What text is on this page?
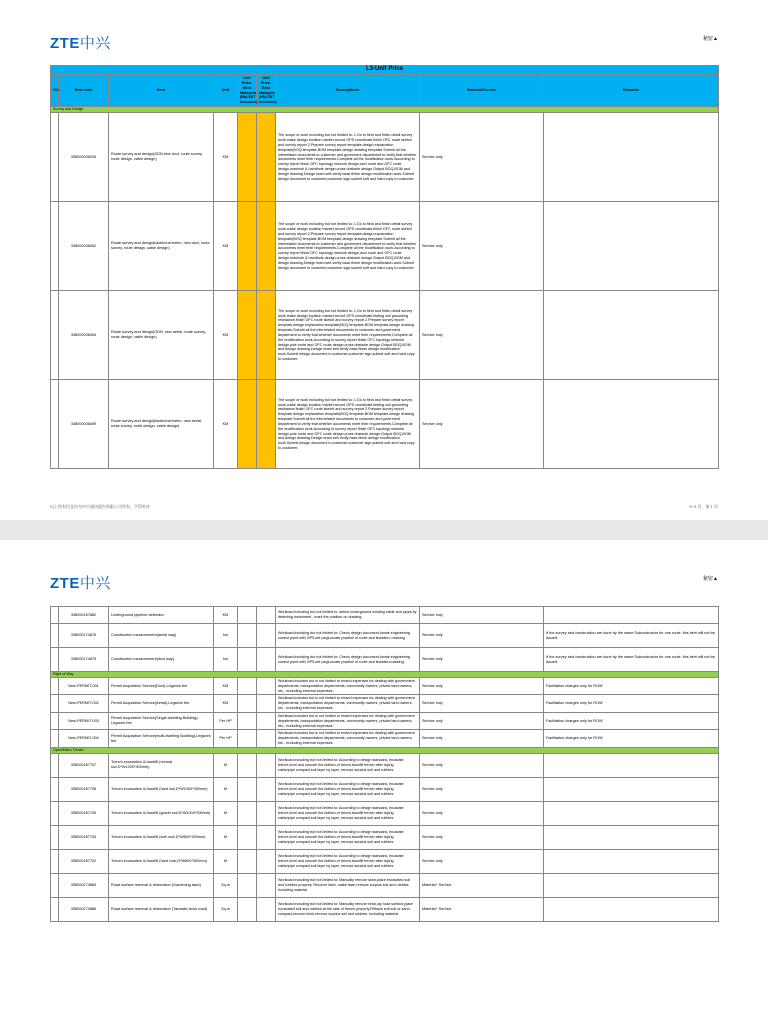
ZTE中兴	秘密▲
L3-Unit Price								
NO.	New code	Item	Unit	Unit Price-West Malaysia (RM,SST inclusive)	Unit Price-East Malaysia (RM,SST inclusive)	Descriptions	Material/Service	Remarks
Survey and Design								
	338000036026	Route survey and design(ODN,new duct, route survey, route design, cable design)	KM			The scope of work including but not limited to: 1.Go to field and finish detail survey work,make design location marker,record GPS coordinate,finish OFC route sketch and survey report 2.Prepare survey report template,design explanation template(BOQ template,BOM template,design drawing template.Submit all the interrelated documents to customer and goverment department to verify that whether documents meet their requirements,Complete all the modification work.According to survey report finish OFC topology network design,duct route and OFC route design,manhole & handhole design,cross obstacle design.Output BOQ,BOM and design drawing.Design team self-verify base,finish design modification work.Submit design document to customer,customer sign,submit soft and hard copy to customer.	Service only	
	338000036062	Route survey and design(backbone/metro, new duct, route survey, route design, cable design)	KM			The scope of work including but not limited to: 1.Go to field and finish detail survey work,make design location marker,record GPS coordinate,finish OFC route sketch and survey report 2.Prepare survey report template,design explanation template(BOQ template,BOM template,design drawing template.Submit all the interrelated documents to customer and goverment department to verify that whether documents meet their requirements,Complete all the modification work.According to survey report finish OFC topology network design,duct route and OFC route design,manhole & handhole design,cross obstacle design.Output BOQ,BOM and design drawing.Design team self-verify base,finish design modification work.Submit design document to customer,customer sign,submit soft and hard copy to customer.	Service only	
	338000036054	Route survey and design(ODN, new aerial, route survey, route design, cable design)	KM			The scope of work including but not limited to: 1.Go to field and finish detail survey work,make design location marker,record GPS coordinate,testing soil grounding resistance,finish OFC route sketch and survey report 2.Prepare survey report template,design explanation template(BOQ template,BOM template,design drawing template.Submit all the interrelated documents to customer and goverment department to verify that whether documents meet their requirements,Complete all the modification work.According to survey report finish OFC topology network design,pole route and OFC route design,cross obstacle design.Output BOQ,BOM and design drawing.Design team self-verify base,finish design modification work.Submit design document to customer,customer sign,submit soft and hard copy to customer.	Service only	
	338000036089	Route survey and design(backbone/metro, new aerial, route survey, route design, cable design)	KM			The scope of work including but not limited to: 1.Go to field and finish detail survey work,make design location marker,record GPS coordinate,testing soil grounding resistance,finish OFC route sketch and survey report 2.Prepare survey report template,design explanation template(BOQ template,BOM template,design drawing template.Submit all the interrelated documents to customer and goverment department to verify that whether documents meet their requirements,Complete all the modification work.According to survey report finish OFC topology network design,pole route and OFC route design,cross obstacle design.Output BOQ,BOM and design drawing.Design team self-verify base,finish design modification work.Submit design document to customer,customer sign,submit soft and hard copy to customer.	Service only	
以上所有信息均为中兴通讯股份有限公司所有，不得外传	H H 页，第 1 页
ZTE中兴	秘密▲
	338000187882	Underground pipeline detection	KM			Workload including but not limited to: detect underground existing cable and pipes by detecting instrument , mark the position on drawing	Service only	
	338000174876	Construction measurement(aerial way)	km			Workload including but not limited to: Check design document,locate engineering control point with GPS,set pegs,locate position of route and lineation, marking.	Service only	If the survey and construction are done by the same Subcontractor for one route, this item will not be issued.
	338000174879	Construction measurement(duct way)	km			Workload including but not limited to: Check design document,locate engineering control point with GPS,set pegs,locate position of route and lineation,marking.	Service only	If the survey and construction are done by the same Subcontractor for one route, this item will not be issued.
Right of Way								
	New-PERMIT-001	Permit Acquisition Service(Duct)-Legwork fee	KM			Workload includes but is not limited to errand expenses for dealing with government departments, transportation departments, community owners, private land owners, etc., excluding external expenses.	Service only	Facilitation charges only for ROW
	New-PERMIT-002	Permit Acquisition Service(Aerial)-Legwork fee	KM			Workload includes but is not limited to errand expenses for dealing with government departments, transportation departments, community owners, private land owners, etc., excluding external expenses.	Service only	Facilitation charges only for ROW
	New-PERMIT-003	Permit Acquisition Service(Single-dwelling Building)-Legwork fee	Per HP			Workload includes but is not limited to errand expenses for dealing with government departments, transportation departments, community owners, private land owners, etc., excluding external expenses.	Service only	Facilitation charges only for ROW
	New-PERMIT-004	Permit Acquisition Service(multi-dwelling Building)-Legwork fee	Per HP			Workload includes but is not limited to errand expenses for dealing with government departments, transportation departments, community owners, private land owners, etc., excluding external expenses.	Service only	Facilitation charges only for ROW
Open/Micro Trench								
	338000187707	Trench excavation & backfill (normal soil,D*W1200*300mm)	M			Workload including but not limited to: According to design standard, excavate trench,level and smooth the bottom of trench,backfill trench after laying cable/pipe,compact soil layer by layer, remove surplus soil and rubbles.	Service only	
	338000187706	Trench excavation & backfill (hard soil,D*W1000*300mm)	M			Workload including but not limited to: According to design standard, excavate trench,level and smooth the bottom of trench,backfill trench after laying cable/pipe,compact soil layer by layer, remove surplus soil and rubbles.	Service only	
	338000187705	Trench excavation & backfill (gravel soil,D*W1000*300mm)	M			Workload including but not limited to: According to design standard, excavate trench,level and smooth the bottom of trench,backfill trench after laying cable/pipe,compact soil layer by layer, remove surplus soil and rubbles.	Service only	
	338000187703	Trench excavation & backfill (soft rock,D*W800*300mm)	M			Workload including but not limited to: According to design standard, excavate trench,level and smooth the bottom of trench,backfill trench after laying cable/pipe,compact soil layer by layer, remove surplus soil and rubbles.	Service only	
	338000187702	Trench excavation & backfill (hard rock,D*W800*300mm)	M			Workload including but not limited to: According to design standard, excavate trench,level and smooth the bottom of trench,backfill trench after laying cable/pipe,compact soil layer by layer, remove surplus soil and rubbles.	Service only	
	338000174883	Road surface removal & restoration (Gardening lawn)	Sq.m			Workload including but not limited to: Manually remove lawn,place excavated soil and rubbles properly. Recover lawn, make lawn remove surplus soil and rubbles. Including material.	Material+ Service	
	338000174886	Road surface removal & restoration (Tarcastic brick road)	Sq.m			Workload including but not limited to: Manually remove brick,lay road surface,place excavated soil and rubbles at the side of trench properly.Fillback soft soil or sand, compact,recover brick,remove surplus soil and rubbles. Including material.	Material+ Service	
